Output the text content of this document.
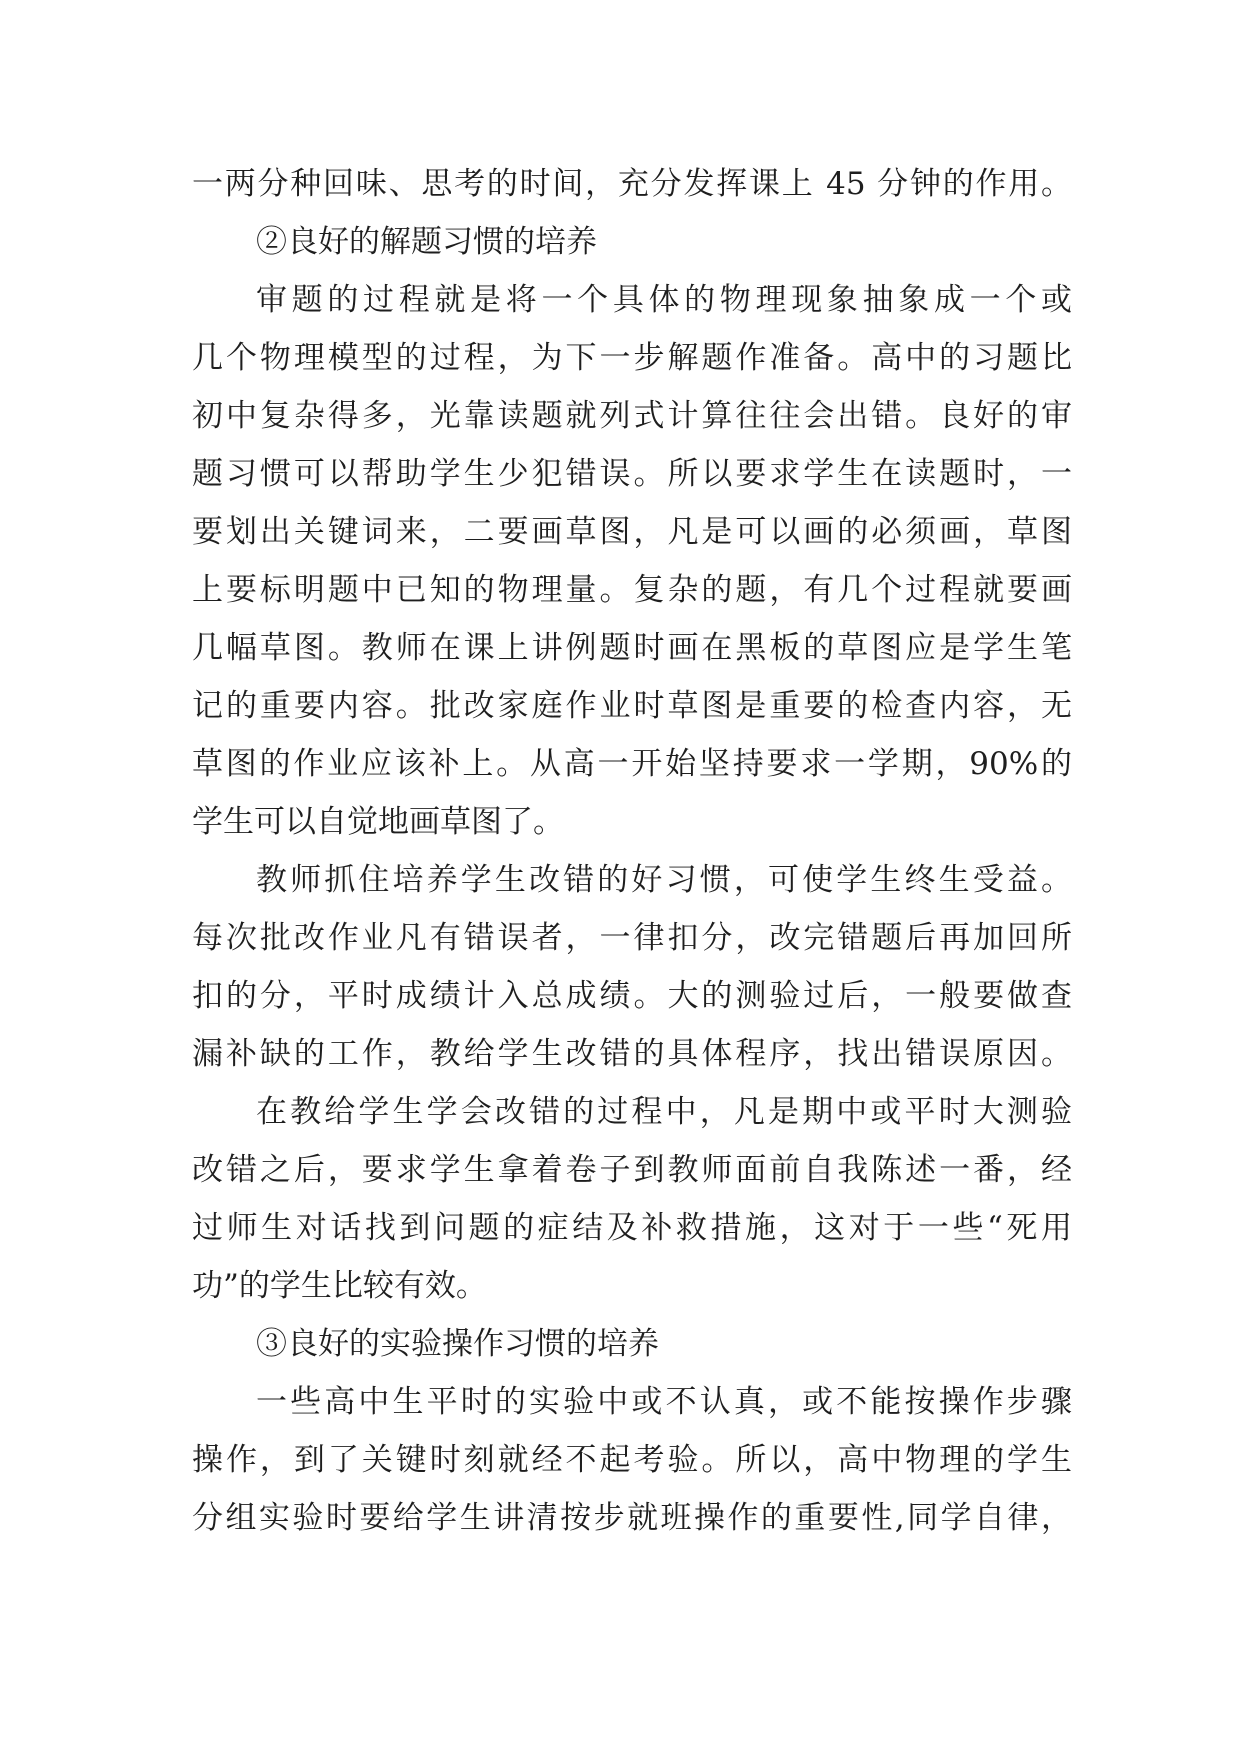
一两分种回味、思考的时间，充分发挥课上 45 分钟的作用。
②良好的解题习惯的培养
审题的过程就是将一个具体的物理现象抽象成一个或
几个物理模型的过程，为下一步解题作准备。高中的习题比
初中复杂得多，光靠读题就列式计算往往会出错。良好的审
题习惯可以帮助学生少犯错误。所以要求学生在读题时，一
要划出关键词来，二要画草图，凡是可以画的必须画，草图
上要标明题中已知的物理量。复杂的题，有几个过程就要画
几幅草图。教师在课上讲例题时画在黑板的草图应是学生笔
记的重要内容。批改家庭作业时草图是重要的检查内容，无
草图的作业应该补上。从高一开始坚持要求一学期，90%的
学生可以自觉地画草图了。
教师抓住培养学生改错的好习惯，可使学生终生受益。
每次批改作业凡有错误者，一律扣分，改完错题后再加回所
扣的分，平时成绩计入总成绩。大的测验过后，一般要做查
漏补缺的工作，教给学生改错的具体程序，找出错误原因。
在教给学生学会改错的过程中，凡是期中或平时大测验
改错之后，要求学生拿着卷子到教师面前自我陈述一番，经
过师生对话找到问题的症结及补救措施，这对于一些“死用
功”的学生比较有效。
③良好的实验操作习惯的培养
一些高中生平时的实验中或不认真，或不能按操作步骤
操作，到了关键时刻就经不起考验。所以，高中物理的学生
分组实验时要给学生讲清按步就班操作的重要性,同学自律，
